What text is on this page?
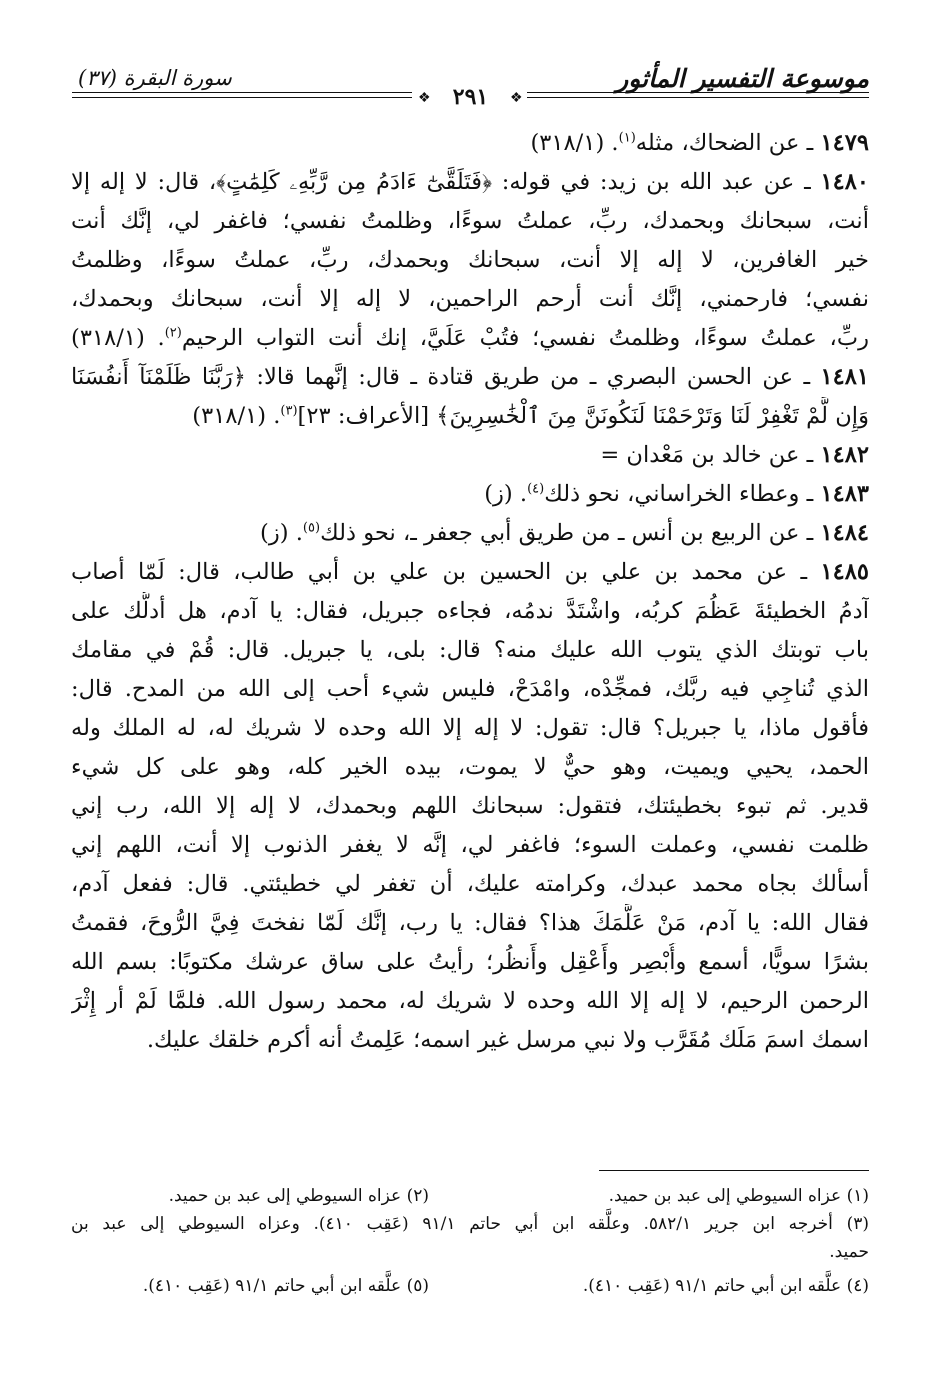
موسوعة التفسير المأثور
سورة البقرة (٣٧)
❖	❖
٢٩١
١٤٧٩ ـ عن الضحاك، مثله$^{(١)}$. (٣١٨/١)
١٤٨٠ ـ عن عبد الله بن زيد: في قوله: ﴿فَتَلَقَّىٰٓ ءَادَمُ مِن رَّبِّهِۦ كَلِمَٰتٍ﴾، قال: لا إله إلا
أنت، سبحانك وبحمدك، ربِّ، عملتُ سوءًا، وظلمتُ نفسي؛ فاغفر لي، إنَّك أنت
خير الغافرين، لا إله إلا أنت، سبحانك وبحمدك، ربِّ، عملتُ سوءًا، وظلمتُ
نفسي؛ فارحمني، إنَّك أنت أرحم الراحمين، لا إله إلا أنت، سبحانك وبحمدك،
ربِّ، عملتُ سوءًا، وظلمتُ نفسي؛ فتُبْ عَلَيَّ، إنك أنت التواب الرحيم$^{(٢)}$. (٣١٨/١)
١٤٨١ ـ عن الحسن البصري ـ من طريق قتادة ـ قال: إنَّهما قالا: ﴿رَبَّنَا ظَلَمْنَآ أَنفُسَنَا
وَإِن لَّمْ تَغْفِرْ لَنَا وَتَرْحَمْنَا لَنَكُونَنَّ مِنَ ٱلْخَٰسِرِينَ﴾ [الأعراف: ٢٣]$^{(٣)}$. (٣١٨/١)
١٤٨٢ ـ عن خالد بن مَعْدان =
١٤٨٣ ـ وعطاء الخراساني، نحو ذلك$^{(٤)}$. (ز)
١٤٨٤ ـ عن الربيع بن أنس ـ من طريق أبي جعفر ـ، نحو ذلك$^{(٥)}$. (ز)
١٤٨٥ ـ عن محمد بن علي بن الحسين بن علي بن أبي طالب، قال: لَمّا أصاب
آدمُ الخطيئةَ عَظُمَ كربُه، واشْتَدَّ ندمُه، فجاءه جبريل، فقال: يا آدم، هل أدلُّك على
باب توبتك الذي يتوب الله عليك منه؟ قال: بلى، يا جبريل. قال: قُمْ في مقامك
الذي تُناجِي فيه ربَّك، فمجِّدْه، وامْدَحْ، فليس شيء أحب إلى الله من المدح. قال:
فأقول ماذا، يا جبريل؟ قال: تقول: لا إله إلا الله وحده لا شريك له، له الملك وله
الحمد، يحيي ويميت، وهو حيٌّ لا يموت، بيده الخير كله، وهو على كل شيء
قدير. ثم تبوء بخطيئتك، فتقول: سبحانك اللهم وبحمدك، لا إله إلا الله، رب إني
ظلمت نفسي، وعملت السوء؛ فاغفر لي، إنَّه لا يغفر الذنوب إلا أنت، اللهم إني
أسألك بجاه محمد عبدك، وكرامته عليك، أن تغفر لي خطيئتي. قال: ففعل آدم،
فقال الله: يا آدم، مَنْ عَلَّمَكَ هذا؟ فقال: يا رب، إنَّك لَمّا نفختَ فِيَّ الرُّوحَ، فقمتُ
بشرًا سويًّا، أسمع وأُبْصِر وأَعْقِل وأَنظُر؛ رأيتُ على ساق عرشك مكتوبًا: بسم الله
الرحمن الرحيم، لا إله إلا الله وحده لا شريك له، محمد رسول الله. فلمَّا لَمْ أر إِثْرَ
اسمك اسمَ مَلَك مُقَرَّب ولا نبي مرسل غير اسمه؛ عَلِمتُ أنه أكرم خلقك عليك.
(١) عزاه السيوطي إلى عبد بن حميد.
(٢) عزاه السيوطي إلى عبد بن حميد.
(٣) أخرجه ابن جرير ٥٨٢/١. وعلَّقه ابن أبي حاتم ٩١/١ (عَقِب ٤١٠). وعزاه السيوطي إلى عبد بن
حميد.
(٤) علَّقه ابن أبي حاتم ٩١/١ (عَقِب ٤١٠).
(٥) علَّقه ابن أبي حاتم ٩١/١ (عَقِب ٤١٠).
